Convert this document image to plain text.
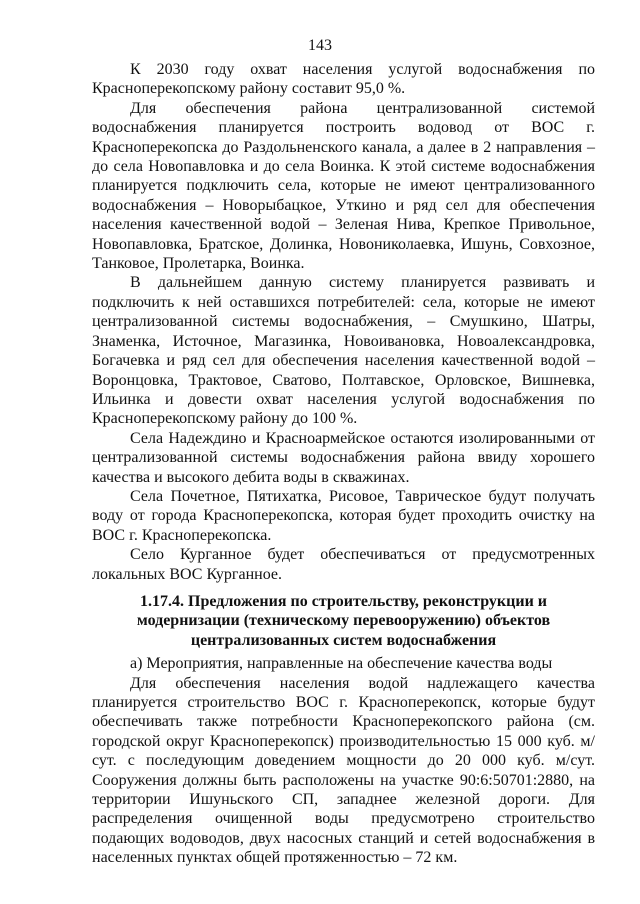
143

К 2030 году охват населения услугой водоснабжения по Красноперекопскому району составит 95,0 %.

Для обеспечения района централизованной системой водоснабжения планируется построить водовод от ВОС г. Красноперекопска до Раздольненского канала, а далее в 2 направления – до села Новопавловка и до села Воинка. К этой системе водоснабжения планируется подключить села, которые не имеют централизованного водоснабжения – Новорыбацкое, Уткино и ряд сел для обеспечения населения качественной водой – Зеленая Нива, Крепкое Привольное, Новопавловка, Братское, Долинка, Новониколаевка, Ишунь, Совхозное, Танковое, Пролетарка, Воинка.

В дальнейшем данную систему планируется развивать и подключить к ней оставшихся потребителей: села, которые не имеют централизованной системы водоснабжения, – Смушкино, Шатры, Знаменка, Источное, Магазинка, Новоивановка, Новоалександровка, Богачевка и ряд сел для обеспечения населения качественной водой – Воронцовка, Трактовое, Сватово, Полтавское, Орловское, Вишневка, Ильинка и довести охват населения услугой водоснабжения по Красноперекопскому району до 100 %.

Села Надеждино и Красноармейское остаются изолированными от централизованной системы водоснабжения района ввиду хорошего качества и высокого дебита воды в скважинах.

Села Почетное, Пятихатка, Рисовое, Таврическое будут получать воду от города Красноперекопска, которая будет проходить очистку на ВОС г. Красноперекопска.

Село Курганное будет обеспечиваться от предусмотренных локальных ВОС Курганное.

1.17.4. Предложения по строительству, реконструкции и модернизации (техническому перевооружению) объектов централизованных систем водоснабжения

а) Мероприятия, направленные на обеспечение качества воды

Для обеспечения населения водой надлежащего качества планируется строительство ВОС г. Красноперекопск, которые будут обеспечивать также потребности Красноперекопского района (см. городской округ Красноперекопск) производительностью 15 000 куб. м/сут. с последующим доведением мощности до 20 000 куб. м/сут. Сооружения должны быть расположены на участке 90:6:50701:2880, на территории Ишуньского СП, западнее железной дороги. Для распределения очищенной воды предусмотрено строительство подающих водоводов, двух насосных станций и сетей водоснабжения в населенных пунктах общей протяженностью – 72 км.
